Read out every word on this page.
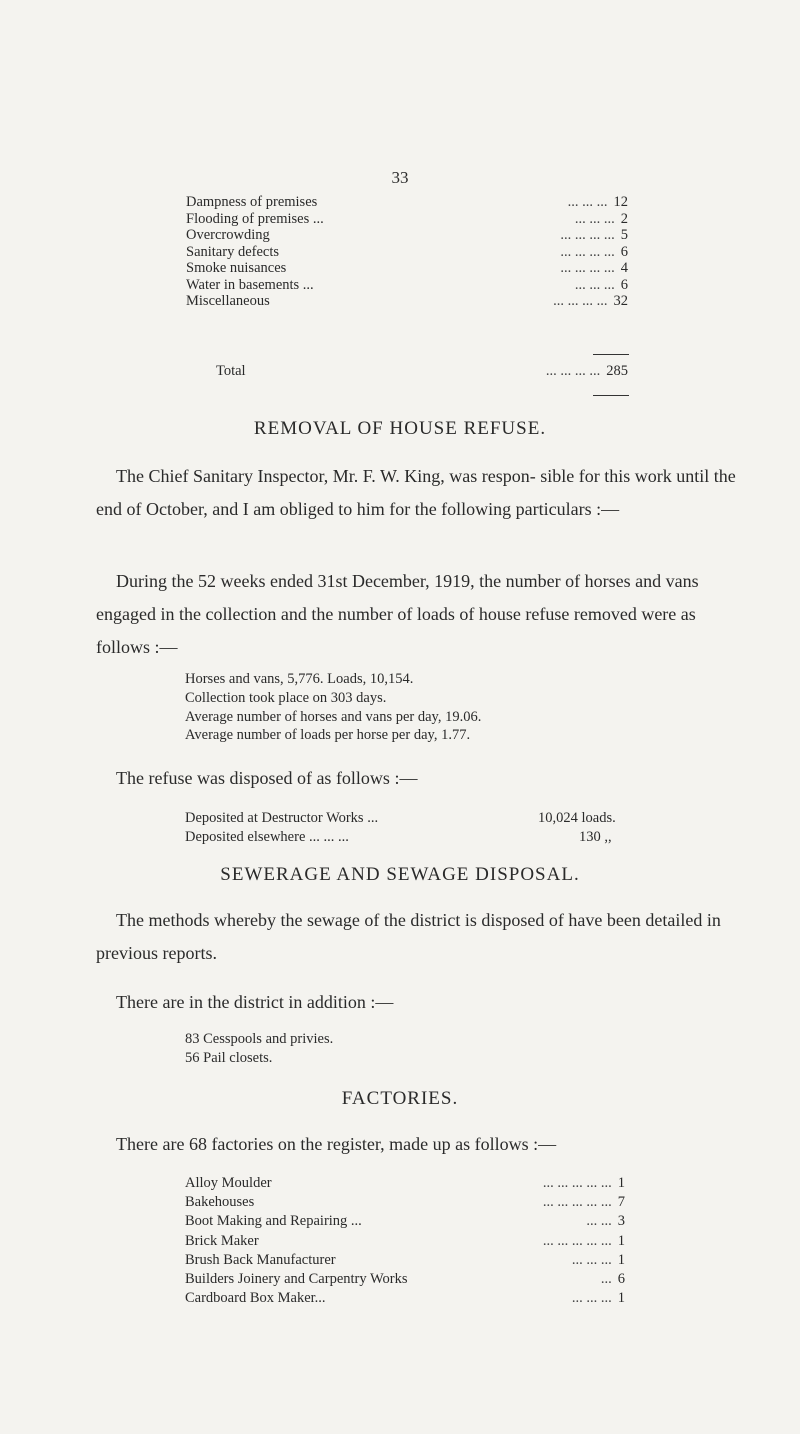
33
Dampness of premises	... ... ... 12
Flooding of premises ...	... ... ... 2
Overcrowding	... ... ... ... 5
Sanitary defects	... ... ... ... 6
Smoke nuisances	... ... ... ... 4
Water in basements ...	... ... ... 6
Miscellaneous	... ... ... ... 32
Total	... ... ... ... 285
REMOVAL OF HOUSE REFUSE.
The Chief Sanitary Inspector, Mr. F. W. King, was respon- sible for this work until the end of October, and I am obliged to him for the following particulars :—
During the 52 weeks ended 31st December, 1919, the number of horses and vans engaged in the collection and the number of loads of house refuse removed were as follows :—
Horses and vans, 5,776. Loads, 10,154.
Collection took place on 303 days.
Average number of horses and vans per day, 19.06.
Average number of loads per horse per day, 1.77.
The refuse was disposed of as follows :—
Deposited at Destructor Works ...	10,024 loads.
Deposited elsewhere ... ... ...	130 ,,
SEWERAGE AND SEWAGE DISPOSAL.
The methods whereby the sewage of the district is disposed of have been detailed in previous reports.
There are in the district in addition :—
83 Cesspools and privies.
56 Pail closets.
FACTORIES.
There are 68 factories on the register, made up as follows :—
Alloy Moulder	... ... ... ... ... 1
Bakehouses	... ... ... ... ... 7
Boot Making and Repairing ...	... ... 3
Brick Maker	... ... ... ... ... 1
Brush Back Manufacturer	... ... ... 1
Builders Joinery and Carpentry Works	... 6
Cardboard Box Maker...	... ... ... 1
